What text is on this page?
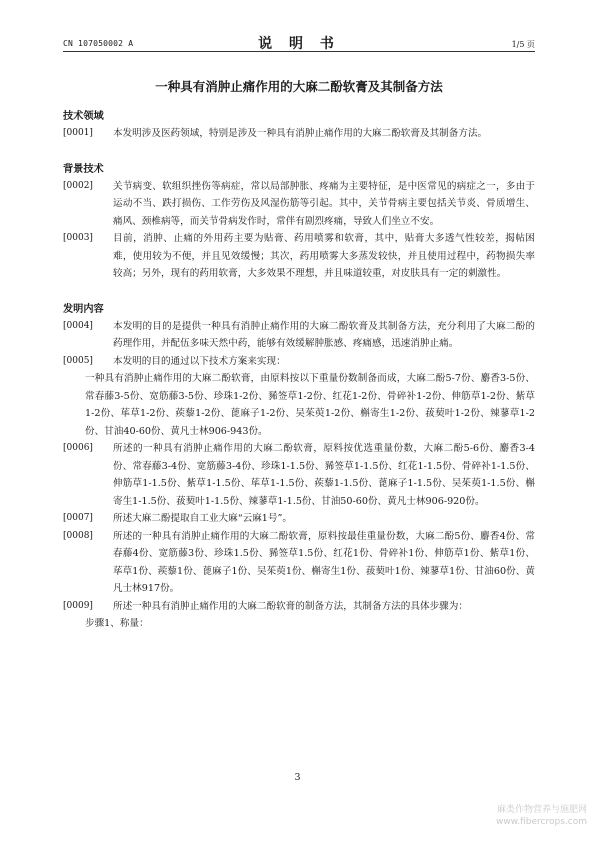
CN 107050002 A	说 明 书	1/5 页
一种具有消肿止痛作用的大麻二酚软膏及其制备方法
技术领域
[0001]	本发明涉及医药领域，特别是涉及一种具有消肿止痛作用的大麻二酚软膏及其制备方法。
背景技术
[0002]	关节病变、软组织挫伤等病症，常以局部肿胀、疼痛为主要特征，是中医常见的病症之一，多由于运动不当、跌打损伤、工作劳伤及风湿伤筋等引起。其中，关节骨病主要包括关节炎、骨质增生、痛风、颈椎病等，而关节骨病发作时，常伴有剧烈疼痛，导致人们坐立不安。
[0003]	目前，消肿、止痛的外用药主要为贴膏、药用喷雾和软膏，其中，贴膏大多透气性较差，揭帖困难，使用较为不便，并且见效缓慢；其次，药用喷雾大多蒸发较快，并且使用过程中，药物损失率较高；另外，现有的药用软膏，大多效果不理想，并且味道较重，对皮肤具有一定的刺激性。
发明内容
[0004]	本发明的目的是提供一种具有消肿止痛作用的大麻二酚软膏及其制备方法，充分利用了大麻二酚的药理作用，并配伍多味天然中药，能够有效缓解肿胀感、疼痛感，迅速消肿止痛。
[0005]	本发明的目的通过以下技术方案来实现：
一种具有消肿止痛作用的大麻二酚软膏，由原料按以下重量份数制备而成，大麻二酚5-7份、麝香3-5份、常春藤3-5份、宽筋藤3-5份、珍珠1-2份、豨签草1-2份、红花1-2份、骨碎补1-2份、伸筋草1-2份、紫草1-2份、荜草1-2份、蒺藜1-2份、蓖麻子1-2份、吴茱萸1-2份、槲寄生1-2份、菝葜叶1-2份、辣蓼草1-2份、甘油40-60份、黄凡士林906-943份。
[0006]	所述的一种具有消肿止痛作用的大麻二酚软膏，原料按优选重量份数，大麻二酚5-6份、麝香3-4份、常春藤3-4份、宽筋藤3-4份、珍珠1-1.5份、豨签草1-1.5份、红花1-1.5份、骨碎补1-1.5份、伸筋草1-1.5份、紫草1-1.5份、荜草1-1.5份、蒺藜1-1.5份、蓖麻子1-1.5份、吴茱萸1-1.5份、槲寄生1-1.5份、菝葜叶1-1.5份、辣蓼草1-1.5份、甘油50-60份、黄凡士林906-920份。
[0007]	所述大麻二酚提取自工业大麻“云麻1号”。
[0008]	所述的一种具有消肿止痛作用的大麻二酚软膏，原料按最佳重量份数，大麻二酚5份、麝香4份、常春藤4份、宽筋藤3份、珍珠1.5份、豨签草1.5份、红花1份、骨碎补1份、伸筋草1份、紫草1份、荜草1份、蒺藜1份、蓖麻子1份、吴茱萸1份、槲寄生1份、菝葜叶1份、辣蓼草1份、甘油60份、黄凡士林917份。
[0009]	所述一种具有消肿止痛作用的大麻二酚软膏的制备方法，其制备方法的具体步骤为：
步骤1、称量：
3
麻类作物营养与施肥网
www.fibercrops.com
